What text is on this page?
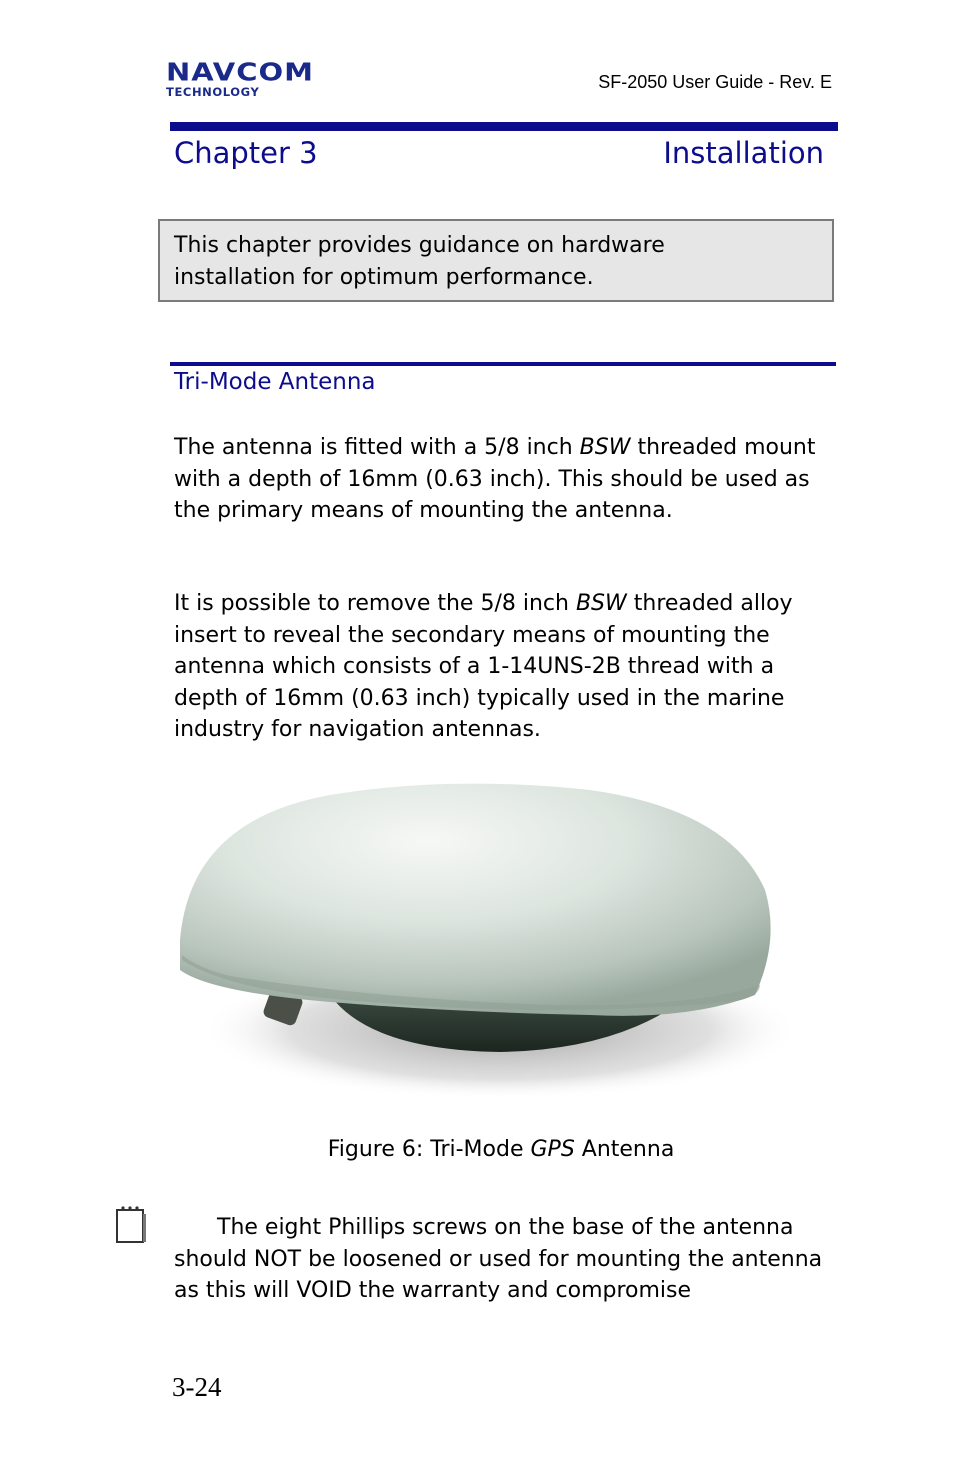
NAVCOM
TECHNOLOGY	SF-2050 User Guide - Rev. E
Chapter 3	Installation
This chapter provides guidance on hardware installation for optimum performance.
Tri-Mode Antenna
The antenna is fitted with a 5/8 inch BSW threaded mount with a depth of 16mm (0.63 inch). This should be used as the primary means of mounting the antenna.
It is possible to remove the 5/8 inch BSW threaded alloy insert to reveal the secondary means of mounting the antenna which consists of a 1-14UNS-2B thread with a depth of 16mm (0.63 inch) typically used in the marine industry for navigation antennas.
Figure 6: Tri-Mode GPS Antenna
The eight Phillips screws on the base of the antenna should NOT be loosened or used for mounting the antenna as this will VOID the warranty and compromise
3-24
